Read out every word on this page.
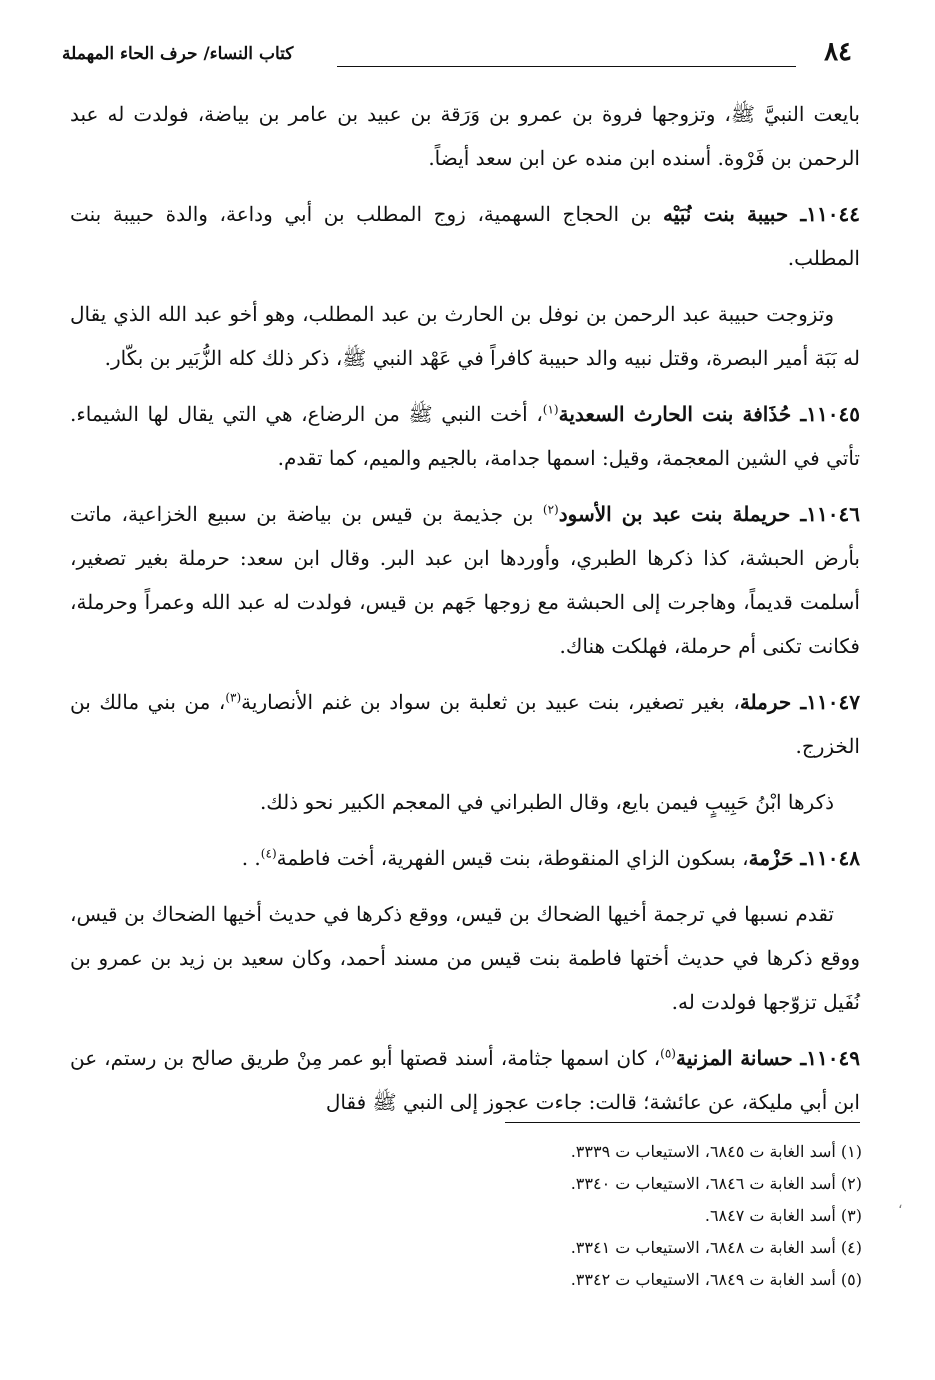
٨٤
كتاب النساء/ حرف الحاء المهملة

بايعت النبيَّ ﷺ، وتزوجها فروة بن عمرو بن وَرَقة بن عبيد بن عامر بن بياضة، فولدت له عبد الرحمن بن فَرْوة. أسنده ابن منده عن ابن سعد أيضاً.

١١٠٤٤ـ حبيبة بنت نُبَيْه بن الحجاج السهمية، زوج المطلب بن أبي وداعة، والدة حبيبة بنت المطلب.

وتزوجت حبيبة عبد الرحمن بن نوفل بن الحارث بن عبد المطلب، وهو أخو عبد الله الذي يقال له بَبَة أمير البصرة، وقتل نبيه والد حبيبة كافراً في عَهْد النبي ﷺ، ذكر ذلك كله الزُّبَير بن بكّار.

١١٠٤٥ـ حُذَافة بنت الحارث السعدية$^{(١)}$، أخت النبي ﷺ من الرضاع، هي التي يقال لها الشيماء. تأتي في الشين المعجمة، وقيل: اسمها جدامة، بالجيم والميم، كما تقدم.

١١٠٤٦ـ حريملة بنت عبد بن الأسود$^{(٢)}$ بن جذيمة بن قيس بن بياضة بن سبيع الخزاعية، ماتت بأرض الحبشة، كذا ذكرها الطبري، وأوردها ابن عبد البر. وقال ابن سعد: حرملة بغير تصغير، أسلمت قديماً، وهاجرت إلى الحبشة مع زوجها جَهم بن قيس، فولدت له عبد الله وعمراً وحرملة، فكانت تكنى أم حرملة، فهلكت هناك.

١١٠٤٧ـ حرملة، بغير تصغير، بنت عبيد بن ثعلبة بن سواد بن غنم الأنصارية$^{(٣)}$، من بني مالك بن الخزرج.

ذكرها ابْنُ حَبِيبٍ فيمن بايع، وقال الطبراني في المعجم الكبير نحو ذلك.

١١٠٤٨ـ حَزْمة، بسكون الزاي المنقوطة، بنت قيس الفهرية، أخت فاطمة$^{(٤)}$. .

تقدم نسبها في ترجمة أخيها الضحاك بن قيس، ووقع ذكرها في حديث أخيها الضحاك بن قيس، ووقع ذكرها في حديث أختها فاطمة بنت قيس من مسند أحمد، وكان سعيد بن زيد بن عمرو بن نُفَيل تزوّجها فولدت له.

١١٠٤٩ـ حسانة المزنية$^{(٥)}$، كان اسمها جثامة، أسند قصتها أبو عمر مِنْ طريق صالح بن رستم، عن ابن أبي مليكة، عن عائشة؛ قالت: جاءت عجوز إلى النبي ﷺ فقال

(١) أسد الغابة ت ٦٨٤٥، الاستيعاب ت ٣٣٣٩.

(٢) أسد الغابة ت ٦٨٤٦، الاستيعاب ت ٣٣٤٠.

(٣) أسد الغابة ت ٦٨٤٧.

(٤) أسد الغابة ت ٦٨٤٨، الاستيعاب ت ٣٣٤١.

(٥) أسد الغابة ت ٦٨٤٩، الاستيعاب ت ٣٣٤٢.

،
